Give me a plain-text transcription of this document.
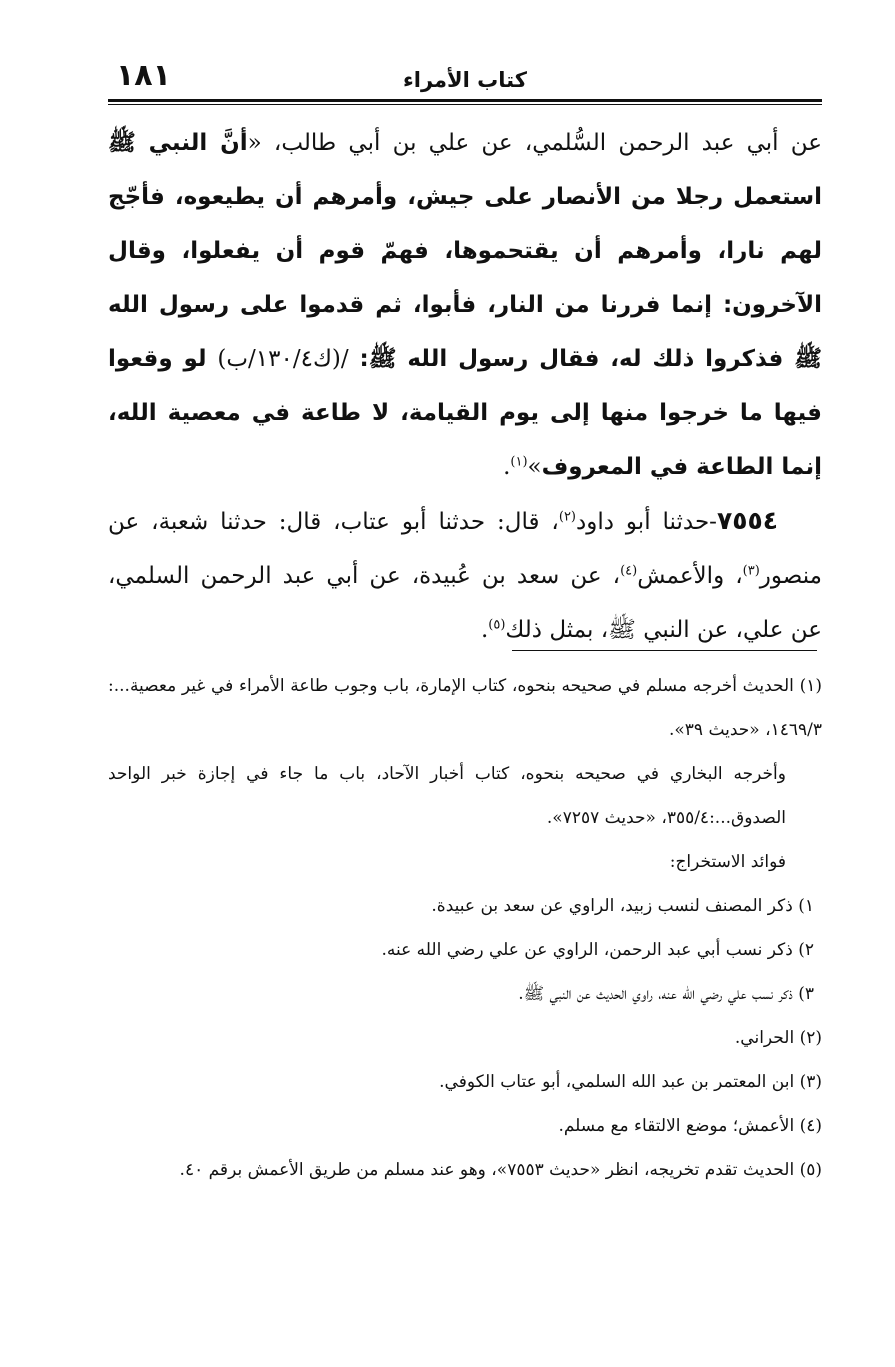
١٨١	كتاب الأمراء

عن أبي عبد الرحمن السُّلمي، عن علي بن أبي طالب، «أنَّ النبي ﷺ استعمل رجلا من الأنصار على جيش، وأمرهم أن يطيعوه، فأجّج لهم نارا، وأمرهم أن يقتحموها، فهمّ قوم أن يفعلوا، وقال الآخرون: إنما فررنا من النار، فأبوا، ثم قدموا على رسول الله ﷺ فذكروا ذلك له، فقال رسول الله ﷺ: /(ك١٣٠/٤/ب) لو وقعوا فيها ما خرجوا منها إلى يوم القيامة، لا طاعة في معصية الله، إنما الطاعة في المعروف»$^{(١)}$.

٧٥٥٤-حدثنا أبو داود$^{(٢)}$، قال: حدثنا أبو عتاب، قال: حدثنا شعبة، عن منصور$^{(٣)}$، والأعمش$^{(٤)}$، عن سعد بن عُبيدة، عن أبي عبد الرحمن السلمي، عن علي، عن النبي ﷺ، بمثل ذلك$^{(٥)}$.

(١) الحديث أخرجه مسلم في صحيحه بنحوه، كتاب الإمارة، باب وجوب طاعة الأمراء في غير معصية...: ١٤٦٩/٣، «حديث ٣٩».

وأخرجه البخاري في صحيحه بنحوه، كتاب أخبار الآحاد، باب ما جاء في إجازة خبر الواحد الصدوق...:٣٥٥/٤، «حديث ٧٢٥٧».

فوائد الاستخراج:

١) ذكر المصنف لنسب زبيد، الراوي عن سعد بن عبيدة.

٢) ذكر نسب أبي عبد الرحمن، الراوي عن علي رضي الله عنه.

٣) ذكر نسب علي رضي الله عنه، راوي الحديث عن النبي ﷺ.

(٢) الحراني.

(٣) ابن المعتمر بن عبد الله السلمي، أبو عتاب الكوفي.

(٤) الأعمش؛ موضع الالتقاء مع مسلم.

(٥) الحديث تقدم تخريجه، انظر «حديث ٧٥٥٣»، وهو عند مسلم من طريق الأعمش برقم ٤٠.
